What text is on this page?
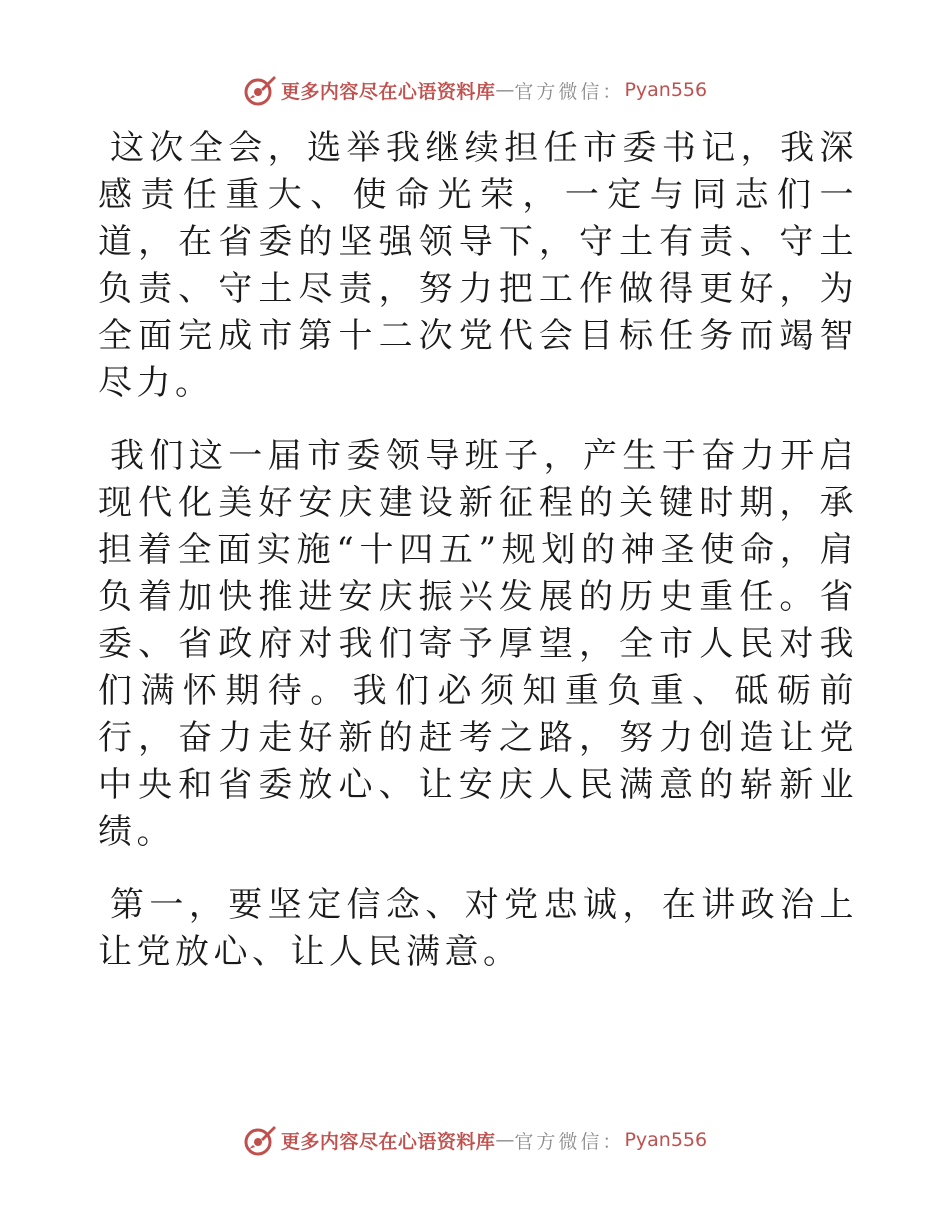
更多内容尽在心语资料库 — 官方微信： Pyan556

这次全会，选举我继续担任市委书记，我深感责任重大、使命光荣，一定与同志们一道，在省委的坚强领导下，守土有责、守土负责、守土尽责，努力把工作做得更好，为全面完成市第十二次党代会目标任务而竭智尽力。

我们这一届市委领导班子，产生于奋力开启现代化美好安庆建设新征程的关键时期，承担着全面实施“十四五”规划的神圣使命，肩负着加快推进安庆振兴发展的历史重任。省委、省政府对我们寄予厚望，全市人民对我们满怀期待。我们必须知重负重、砥砺前行，奋力走好新的赶考之路，努力创造让党中央和省委放心、让安庆人民满意的崭新业绩。

第一，要坚定信念、对党忠诚，在讲政治上让党放心、让人民满意。

更多内容尽在心语资料库 — 官方微信： Pyan556
